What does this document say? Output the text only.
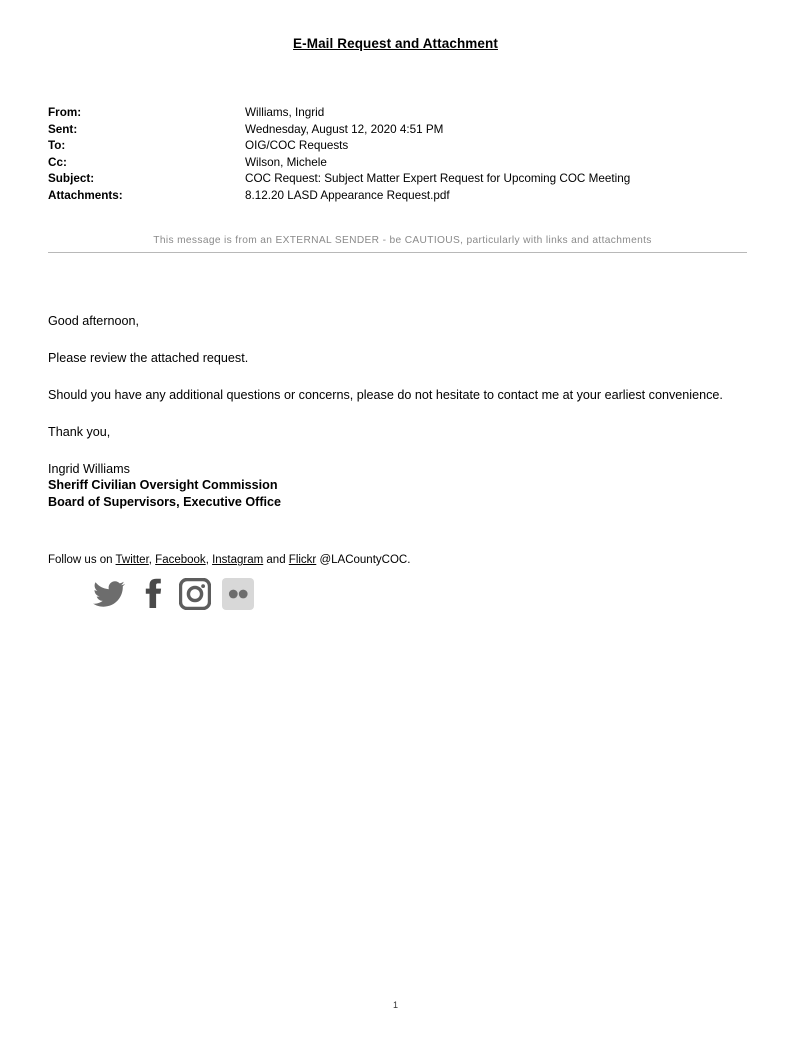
E-Mail Request and Attachment
From:	Williams, Ingrid
Sent:	Wednesday, August 12, 2020 4:51 PM
To:	OIG/COC Requests
Cc:	Wilson, Michele
Subject:	COC Request: Subject Matter Expert Request for Upcoming COC Meeting
Attachments:	8.12.20 LASD Appearance Request.pdf
This message is from an EXTERNAL SENDER - be CAUTIOUS, particularly with links and attachments

Good afternoon,

Please review the attached request.

Should you have any additional questions or concerns, please do not hesitate to contact me at your earliest convenience.

Thank you,

Ingrid Williams
Sheriff Civilian Oversight Commission
Board of Supervisors, Executive Office
Follow us on Twitter, Facebook, Instagram and Flickr @LACountyCOC.
1
